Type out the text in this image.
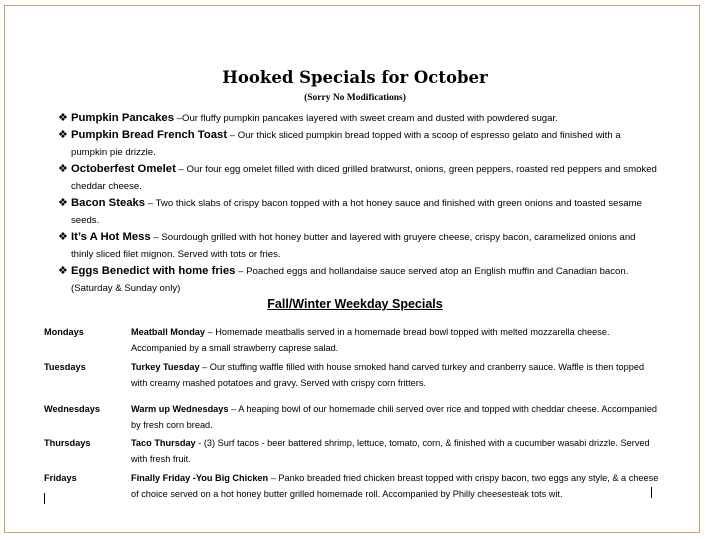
Hooked Specials for October
(Sorry No Modifications)
❖ Pumpkin Pancakes –Our fluffy pumpkin pancakes layered with sweet cream and dusted with powdered sugar.
❖ Pumpkin Bread French Toast – Our thick sliced pumpkin bread topped with a scoop of espresso gelato and finished with a pumpkin pie drizzle.
❖ Octoberfest Omelet – Our four egg omelet filled with diced grilled bratwurst, onions, green peppers, roasted red peppers and smoked cheddar cheese.
❖ Bacon Steaks – Two thick slabs of crispy bacon topped with a hot honey sauce and finished with green onions and toasted sesame seeds.
❖ It’s A Hot Mess – Sourdough grilled with hot honey butter and layered with gruyere cheese, crispy bacon, caramelized onions and thinly sliced filet mignon. Served with tots or fries.
❖ Eggs Benedict with home fries – Poached eggs and hollandaise sauce served atop an English muffin and Canadian bacon. (Saturday & Sunday only)
Fall/Winter Weekday Specials
Mondays	Meatball Monday – Homemade meatballs served in a homemade bread bowl topped with melted mozzarella cheese. Accompanied by a small strawberry caprese salad.
Tuesdays	Turkey Tuesday – Our stuffing waffle filled with house smoked hand carved turkey and cranberry sauce. Waffle is then topped with creamy mashed potatoes and gravy. Served with crispy corn fritters.
Wednesdays	Warm up Wednesdays – A heaping bowl of our homemade chili served over rice and topped with cheddar cheese. Accompanied by fresh corn bread.
Thursdays	Taco Thursday - (3) Surf tacos - beer battered shrimp, lettuce, tomato, corn, & finished with a cucumber wasabi drizzle. Served with fresh fruit.
Fridays	Finally Friday -You Big Chicken – Panko breaded fried chicken breast topped with crispy bacon, two eggs any style, & a cheese of choice served on a hot honey butter grilled homemade roll. Accompanied by Philly cheesesteak tots wit.
